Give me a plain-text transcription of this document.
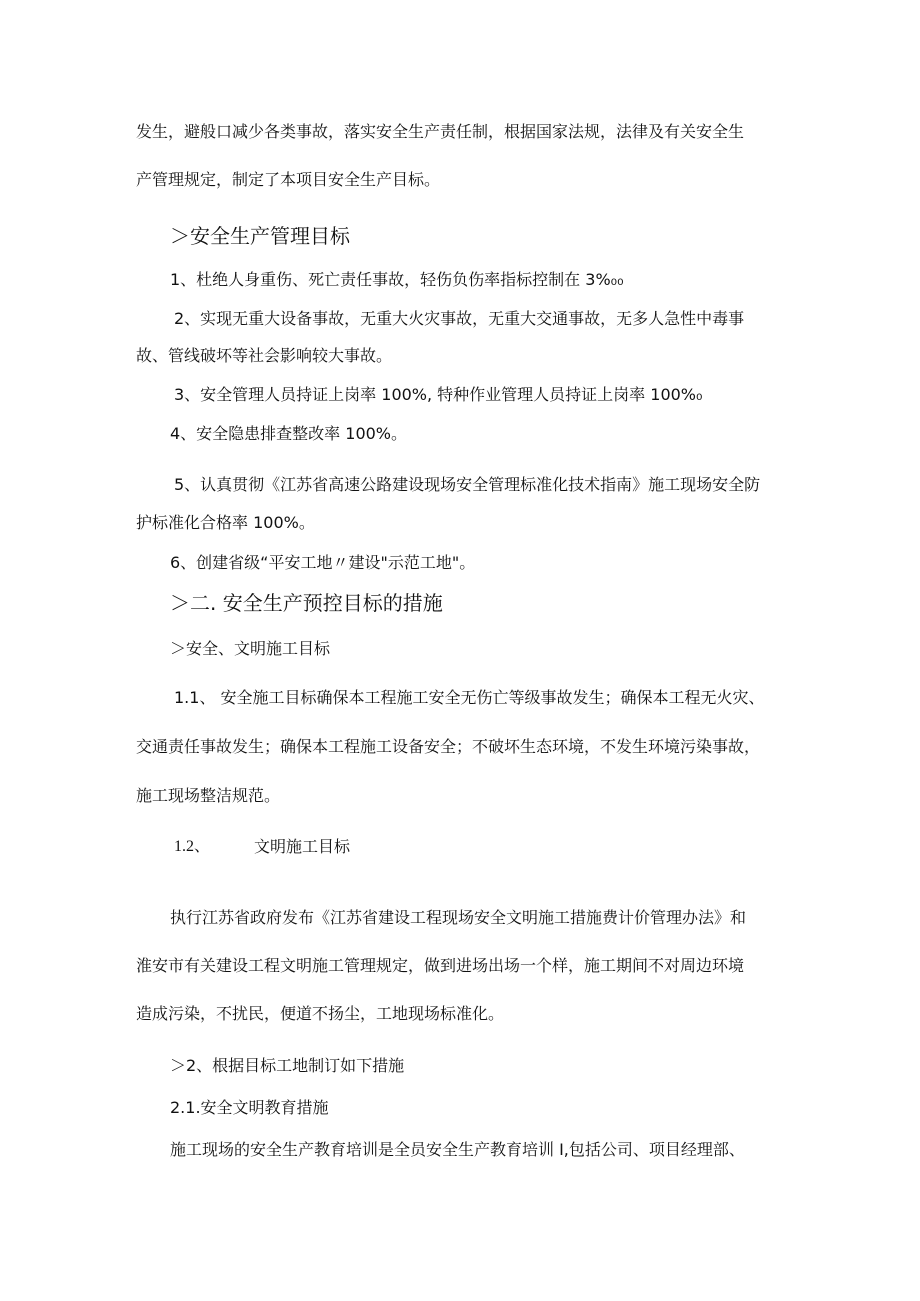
发生，避般口减少各类事故，落实安全生产责任制，根据国家法规，法律及有关安全生

产管理规定，制定了本项目安全生产目标。

＞安全生产管理目标

1、杜绝人身重伤、死亡责任事故，轻伤负伤率指标控制在 3%₀₀

2、实现无重大设备事故，无重大火灾事故，无重大交通事故，无多人急性中毒事

故、管线破坏等社会影响较大事故。

3、安全管理人员持证上岗率 100%, 特种作业管理人员持证上岗率 100%₀

4、安全隐患排查整改率 100%。

5、认真贯彻《江苏省高速公路建设现场安全管理标准化技术指南》施工现场安全防

护标准化合格率 100%。

6、创建省级“平安工地〃建设"示范工地"。

＞二. 安全生产预控目标的措施

＞安全、文明施工目标

1.1、 安全施工目标确保本工程施工安全无伤亡等级事故发生；确保本工程无火灾、

交通责任事故发生；确保本工程施工设备安全；不破坏生态环境，不发生环境污染事故，

施工现场整洁规范。

1.2、	文明施工目标

执行江苏省政府发布《江苏省建设工程现场安全文明施工措施费计价管理办法》和

淮安市有关建设工程文明施工管理规定，做到进场出场一个样，施工期间不对周边环境

造成污染，不扰民，便道不扬尘，工地现场标准化。

＞2、根据目标工地制订如下措施

2.1.安全文明教育措施

施工现场的安全生产教育培训是全员安全生产教育培训 I,包括公司、项目经理部、
